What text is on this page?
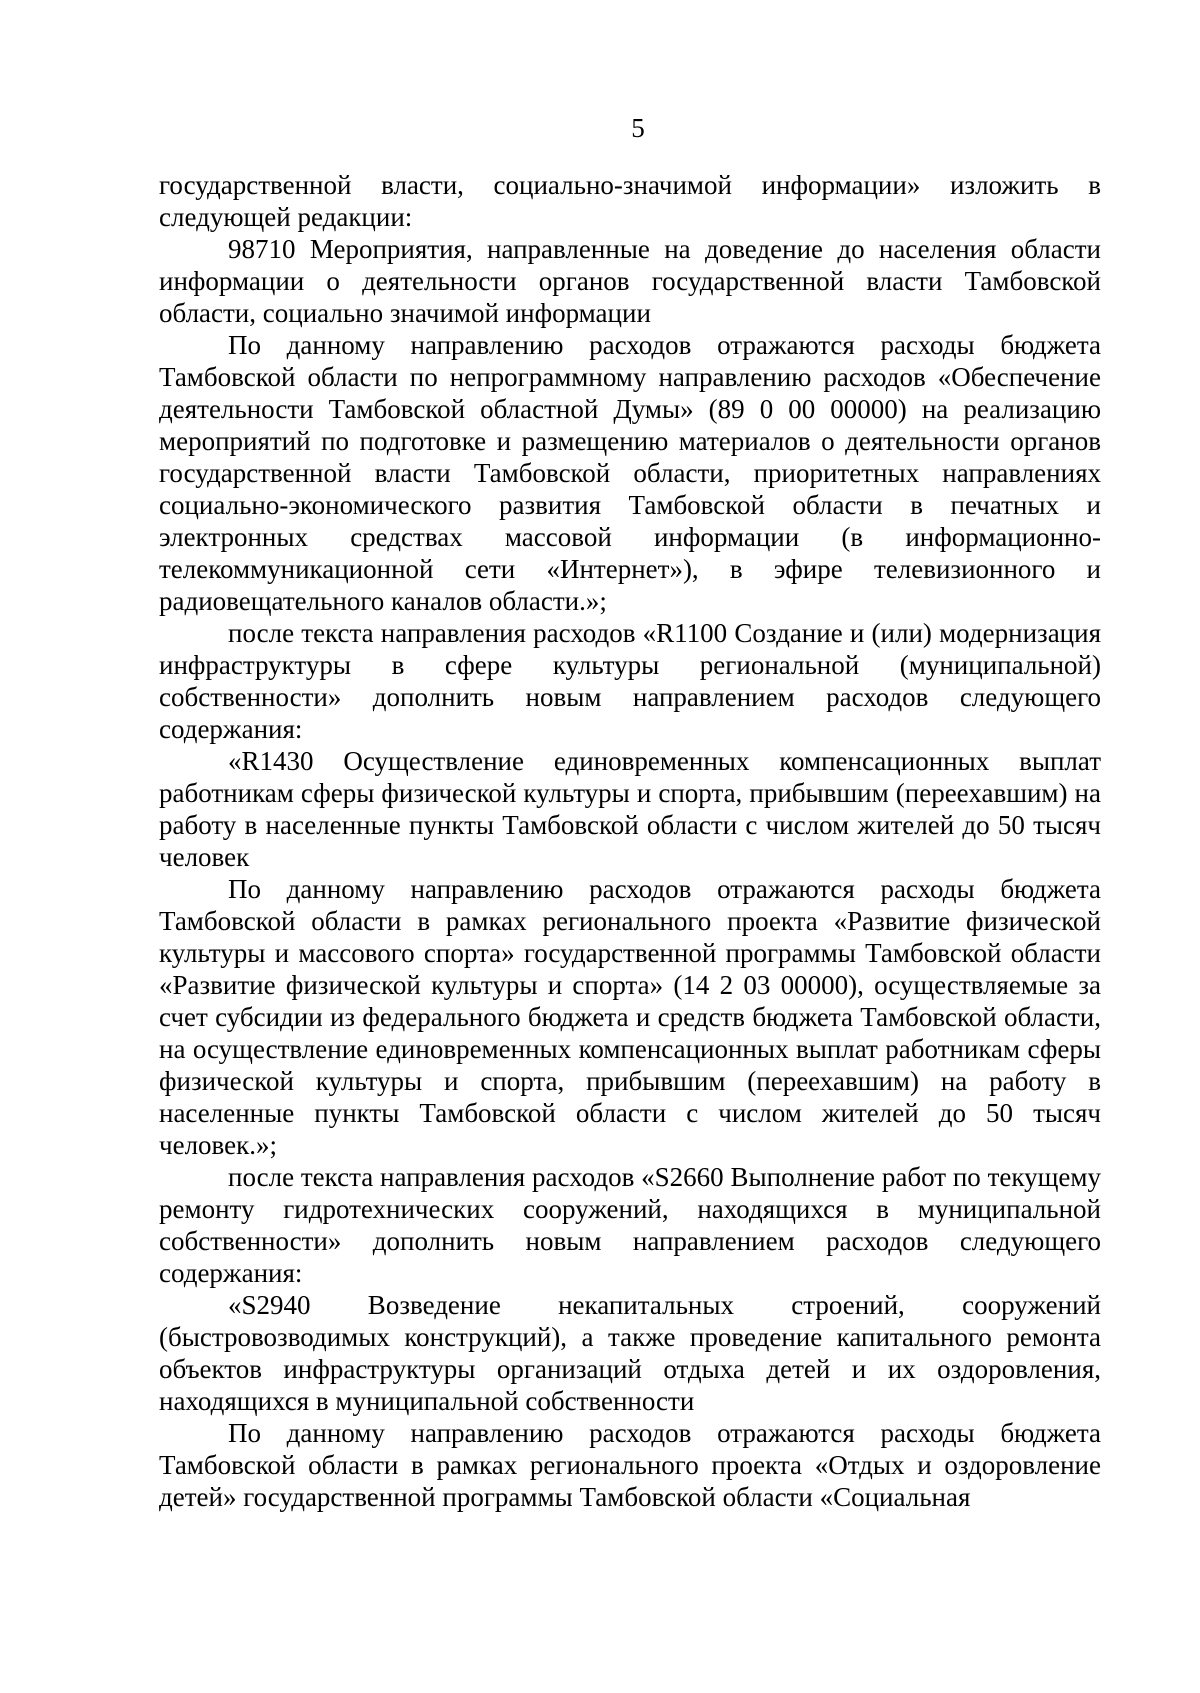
5

государственной власти, социально-значимой информации» изложить в следующей редакции:

98710 Мероприятия, направленные на доведение до населения области информации о деятельности органов государственной власти Тамбовской области, социально значимой информации

По данному направлению расходов отражаются расходы бюджета Тамбовской области по непрограммному направлению расходов «Обеспечение деятельности Тамбовской областной Думы» (89 0 00 00000) на реализацию мероприятий по подготовке и размещению материалов о деятельности органов государственной власти Тамбовской области, приоритетных направлениях социально-экономического развития Тамбовской области в печатных и электронных средствах массовой информации (в информационно-телекоммуникационной сети «Интернет»), в эфире телевизионного и радиовещательного каналов области.»;

после текста направления расходов «R1100 Создание и (или) модернизация инфраструктуры в сфере культуры региональной (муниципальной) собственности» дополнить новым направлением расходов следующего содержания:

«R1430 Осуществление единовременных компенсационных выплат работникам сферы физической культуры и спорта, прибывшим (переехавшим) на работу в населенные пункты Тамбовской области с числом жителей до 50 тысяч человек

По данному направлению расходов отражаются расходы бюджета Тамбовской области в рамках регионального проекта «Развитие физической культуры и массового спорта» государственной программы Тамбовской области «Развитие физической культуры и спорта» (14 2 03 00000), осуществляемые за счет субсидии из федерального бюджета и средств бюджета Тамбовской области, на осуществление единовременных компенсационных выплат работникам сферы физической культуры и спорта, прибывшим (переехавшим) на работу в населенные пункты Тамбовской области с числом жителей до 50 тысяч человек.»;

после текста направления расходов «S2660 Выполнение работ по текущему ремонту гидротехнических сооружений, находящихся в муниципальной собственности» дополнить новым направлением расходов следующего содержания:

«S2940 Возведение некапитальных строений, сооружений (быстровозводимых конструкций), а также проведение капитального ремонта объектов инфраструктуры организаций отдыха детей и их оздоровления, находящихся в муниципальной собственности

По данному направлению расходов отражаются расходы бюджета Тамбовской области в рамках регионального проекта «Отдых и оздоровление детей» государственной программы Тамбовской области «Социальная
